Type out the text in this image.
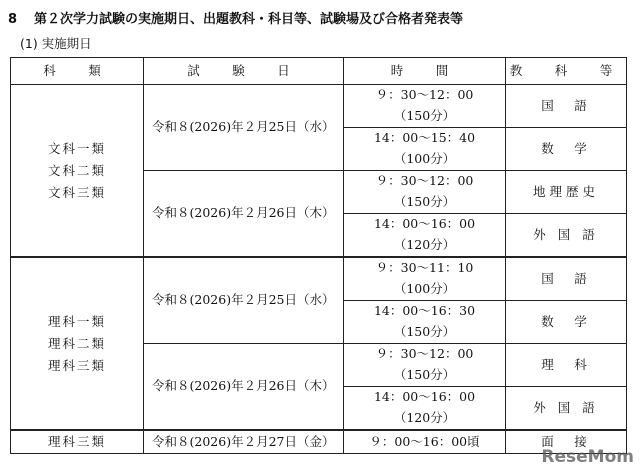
8 第２次学力試験の実施期日、出題教科・科目等、試験場及び合格者発表等
(1) 実施期日
科　類	試　験　日	時　間	教　科　等

文科一類
文科二類
文科三類	令和８(2026)年２月25日（水）	９：30〜12：00	国　語
		（150分）	
		14：00〜15：40	数　学
		（100分）	
	令和８(2026)年２月26日（木）	９：30〜12：00	地理歴史
		（150分）	
		14：00〜16：00	外 国 語
		（120分）	

理科一類
理科二類
理科三類	令和８(2026)年２月25日（水）	９：30〜11：10	国　語
		（100分）	
		14：00〜16：30	数　学
		（150分）	
	令和８(2026)年２月26日（木）	９：30〜12：00	理　科
		（150分）	
		14：00〜16：00	外 国 語
		（120分）	

理科三類	令和８(2026)年２月27日（金）	９：00〜16：00頃	面　接
ReseMom
